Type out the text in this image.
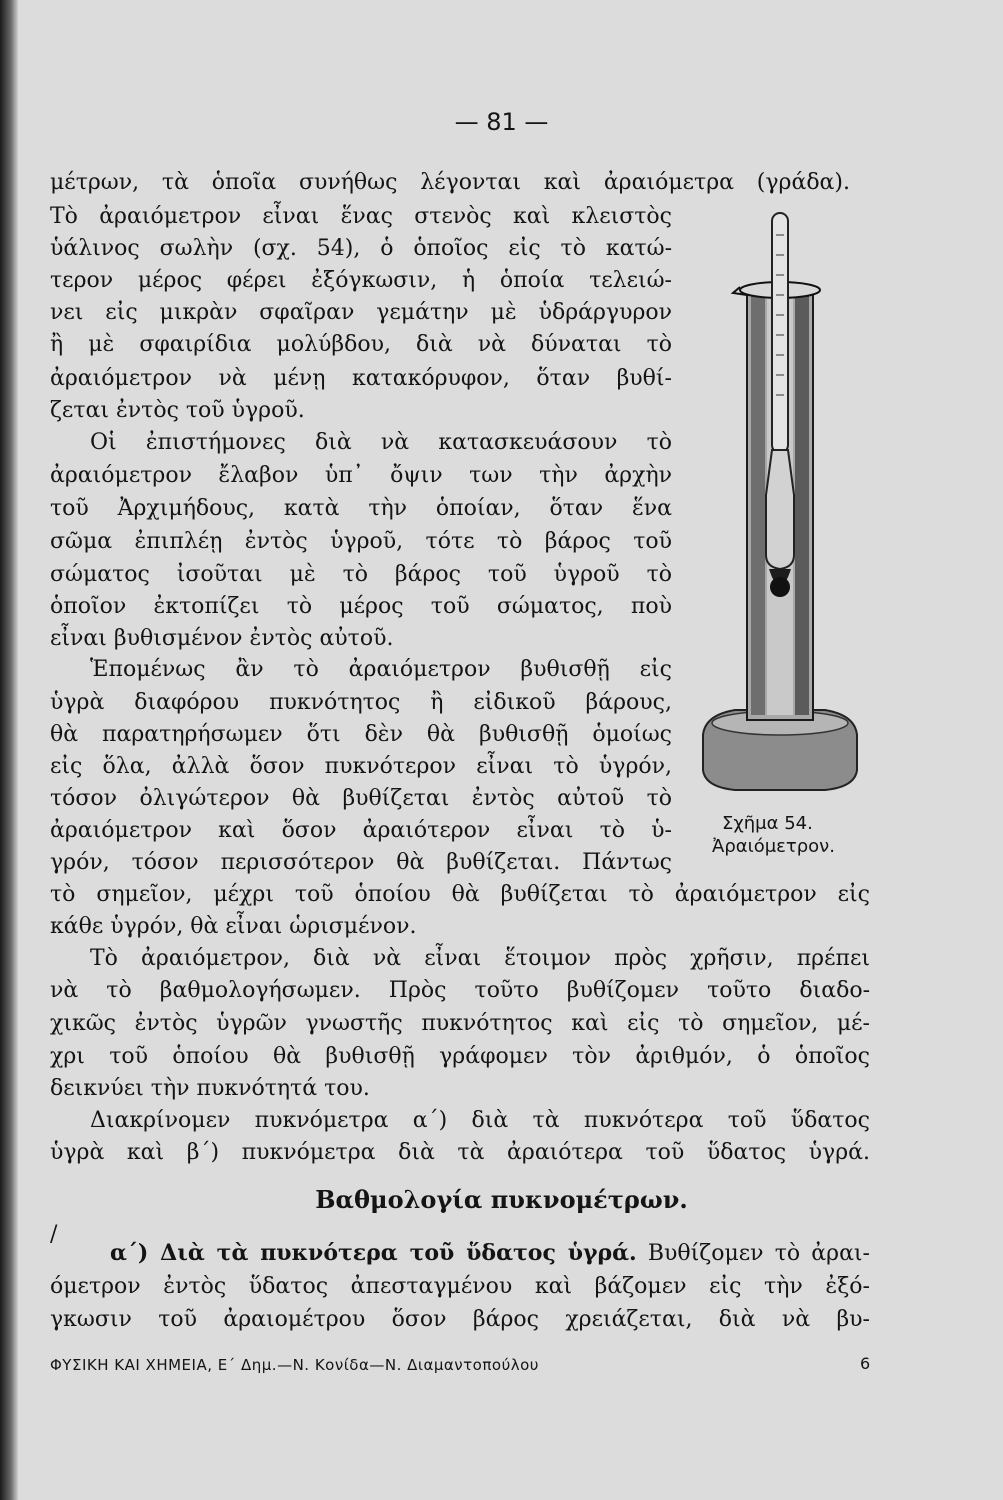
— 81 —
μέτρων, τὰ ὁποῖα συνήθως λέγονται καὶ ἀραιόμετρα (γράδα).
Τὸ ἀραιόμετρον εἶναι ἕνας στενὸς καὶ κλειστὸς
ὑάλινος σωλὴν (σχ. 54), ὁ ὁποῖος εἰς τὸ κατώ-
τερον μέρος φέρει ἐξόγκωσιν, ἡ ὁποία τελειώ-
νει εἰς μικρὰν σφαῖραν γεμάτην μὲ ὑδράργυρον
ἢ μὲ σφαιρίδια μολύβδου, διὰ νὰ δύναται τὸ
ἀραιόμετρον νὰ μένῃ κατακόρυφον, ὅταν βυθί-
ζεται ἐντὸς τοῦ ὑγροῦ.
Οἱ ἐπιστήμονες διὰ νὰ κατασκευάσουν τὸ
ἀραιόμετρον ἔλαβον ὑπ᾽ ὄψιν των τὴν ἀρχὴν
τοῦ Ἀρχιμήδους, κατὰ τὴν ὁποίαν, ὅταν ἕνα
σῶμα ἐπιπλέῃ ἐντὸς ὑγροῦ, τότε τὸ βάρος τοῦ
σώματος ἰσοῦται μὲ τὸ βάρος τοῦ ὑγροῦ τὸ
ὁποῖον ἐκτοπίζει τὸ μέρος τοῦ σώματος, ποὺ
εἶναι βυθισμένον ἐντὸς αὐτοῦ.
Ἑπομένως ἂν τὸ ἀραιόμετρον βυθισθῇ εἰς
ὑγρὰ διαφόρου πυκνότητος ἢ εἰδικοῦ βάρους,
θὰ παρατηρήσωμεν ὅτι δὲν θὰ βυθισθῇ ὁμοίως
εἰς ὅλα, ἀλλὰ ὅσον πυκνότερον εἶναι τὸ ὑγρόν,
τόσον ὀλιγώτερον θὰ βυθίζεται ἐντὸς αὐτοῦ τὸ
ἀραιόμετρον καὶ ὅσον ἀραιότερον εἶναι τὸ ὑ-
γρόν, τόσον περισσότερον θὰ βυθίζεται. Πάντως
τὸ σημεῖον, μέχρι τοῦ ὁποίου θὰ βυθίζεται τὸ ἀραιόμετρον εἰς
κάθε ὑγρόν, θὰ εἶναι ὡρισμένον.
Τὸ ἀραιόμετρον, διὰ νὰ εἶναι ἕτοιμον πρὸς χρῆσιν, πρέπει
νὰ τὸ βαθμολογήσωμεν. Πρὸς τοῦτο βυθίζομεν τοῦτο διαδο-
χικῶς ἐντὸς ὑγρῶν γνωστῆς πυκνότητος καὶ εἰς τὸ σημεῖον, μέ-
χρι τοῦ ὁποίου θὰ βυθισθῇ γράφομεν τὸν ἀριθμόν, ὁ ὁποῖος
δεικνύει τὴν πυκνότητά του.
Διακρίνομεν πυκνόμετρα α΄) διὰ τὰ πυκνότερα τοῦ ὕδατος
ὑγρὰ καὶ β΄) πυκνόμετρα διὰ τὰ ἀραιότερα τοῦ ὕδατος ὑγρά.
Βαθμολογία πυκνομέτρων.
/
α΄) Διὰ τὰ πυκνότερα τοῦ ὕδατος ὑγρά. Βυθίζομεν τὸ ἀραι-
όμετρον ἐντὸς ὕδατος ἀπεσταγμένου καὶ βάζομεν εἰς τὴν ἐξό-
γκωσιν τοῦ ἀραιομέτρου ὅσον βάρος χρειάζεται, διὰ νὰ βυ-
Σχῆμα 54.
Ἀραιόμετρον.
ΦΥΣΙΚΗ ΚΑΙ ΧΗΜΕΙΑ, Ε΄ Δημ.—Ν. Κονίδα—Ν. Διαμαντοπούλου	6
